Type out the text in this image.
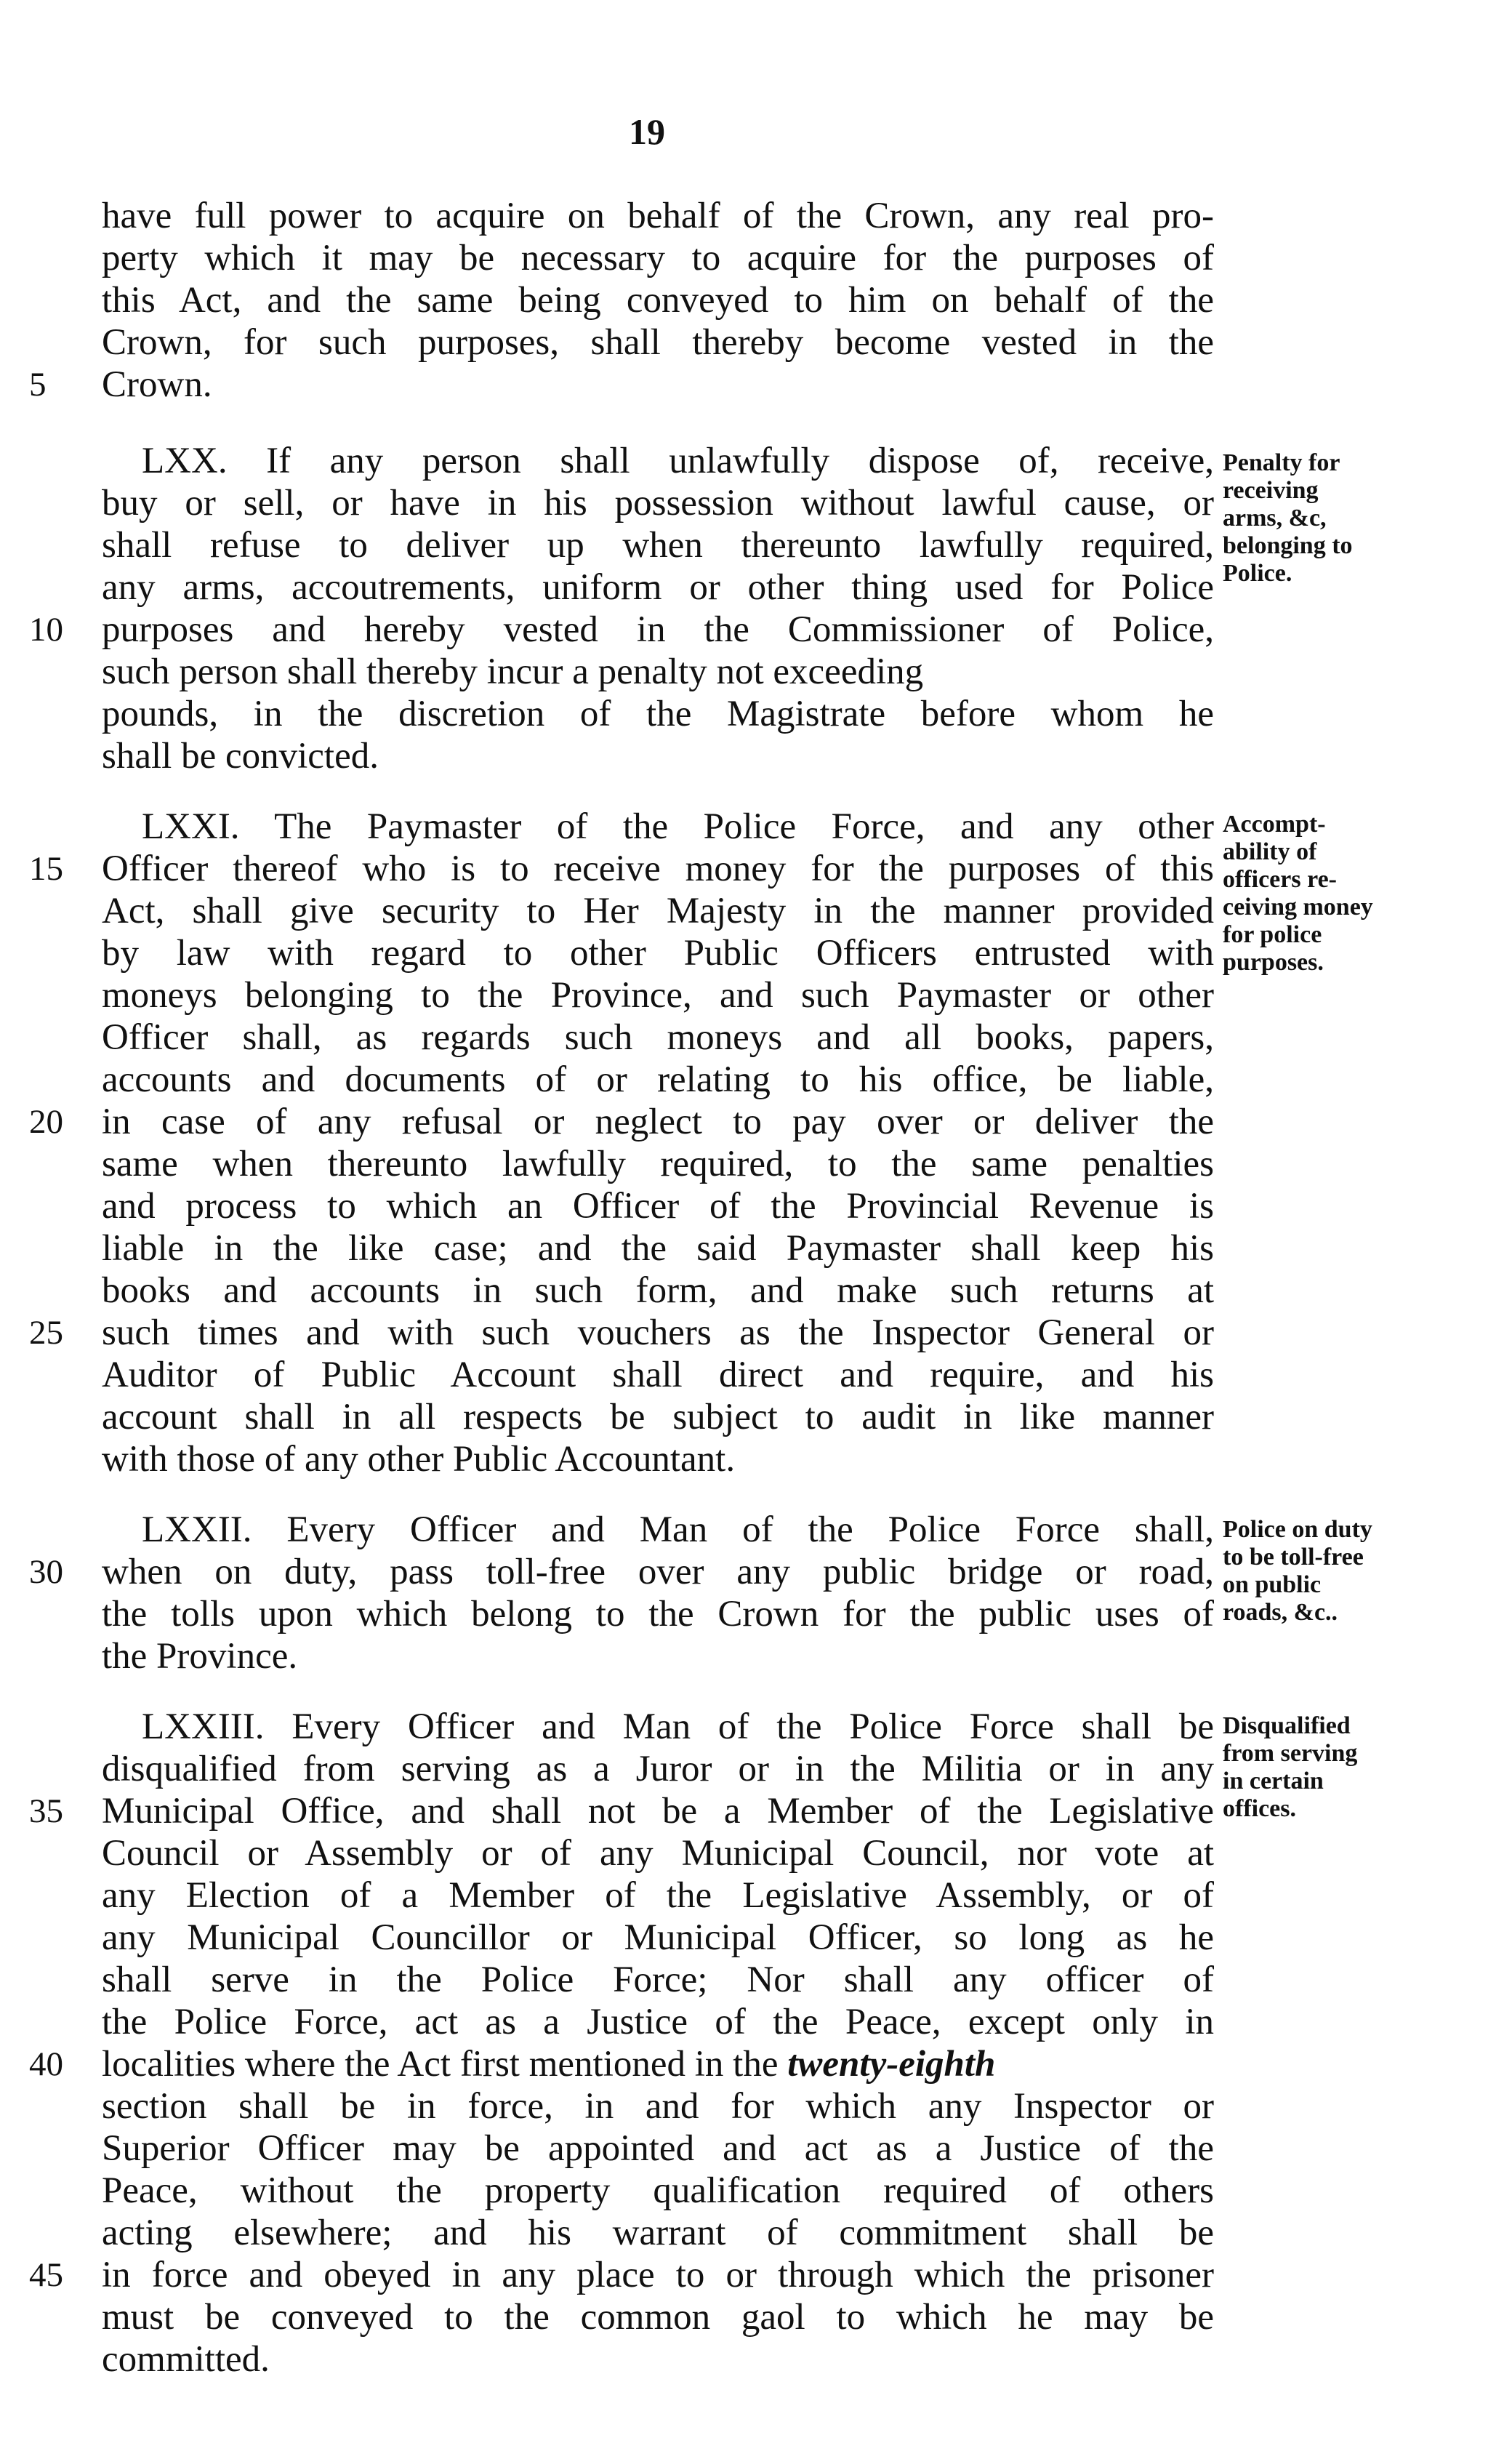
19
have full power to acquire on behalf of the Crown, any real pro-
perty which it may be necessary to acquire for the purposes of
this Act, and the same being conveyed to him on behalf of the
Crown, for such purposes, shall thereby become vested in the
Crown.
LXX. If any person shall unlawfully dispose of, receive,
buy or sell, or have in his possession without lawful cause, or
shall refuse to deliver up when thereunto lawfully required,
any arms, accoutrements, uniform or other thing used for Police
purposes and hereby vested in the Commissioner of Police,
such person shall thereby incur a penalty not exceeding
pounds, in the discretion of the Magistrate before whom he
shall be convicted.
LXXI. The Paymaster of the Police Force, and any other
Officer thereof who is to receive money for the purposes of this
Act, shall give security to Her Majesty in the manner provided
by law with regard to other Public Officers entrusted with
moneys belonging to the Province, and such Paymaster or other
Officer shall, as regards such moneys and all books, papers,
accounts and documents of or relating to his office, be liable,
in case of any refusal or neglect to pay over or deliver the
same when thereunto lawfully required, to the same penalties
and process to which an Officer of the Provincial Revenue is
liable in the like case; and the said Paymaster shall keep his
books and accounts in such form, and make such returns at
such times and with such vouchers as the Inspector General or
Auditor of Public Account shall direct and require, and his
account shall in all respects be subject to audit in like manner
with those of any other Public Accountant.
LXXII. Every Officer and Man of the Police Force shall,
when on duty, pass toll-free over any public bridge or road,
the tolls upon which belong to the Crown for the public uses of
the Province.
LXXIII. Every Officer and Man of the Police Force shall be
disqualified from serving as a Juror or in the Militia or in any
Municipal Office, and shall not be a Member of the Legislative
Council or Assembly or of any Municipal Council, nor vote at
any Election of a Member of the Legislative Assembly, or of
any Municipal Councillor or Municipal Officer, so long as he
shall serve in the Police Force; Nor shall any officer of
the Police Force, act as a Justice of the Peace, except only in
localities where the Act first mentioned in the twenty-eighth
section shall be in force, in and for which any Inspector or
Superior Officer may be appointed and act as a Justice of the
Peace, without the property qualification required of others
acting elsewhere; and his warrant of commitment shall be
in force and obeyed in any place to or through which the prisoner
must be conveyed to the common gaol to which he may be
committed.
5
10
15
20
25
30
35
40
45
Penalty for
receiving
arms, &c,
belonging to
Police.
Accompt-
ability of
officers re-
ceiving money
for police
purposes.
Police on duty
to be toll-free
on public
roads, &c..
Disqualified
from serving
in certain
offices.
